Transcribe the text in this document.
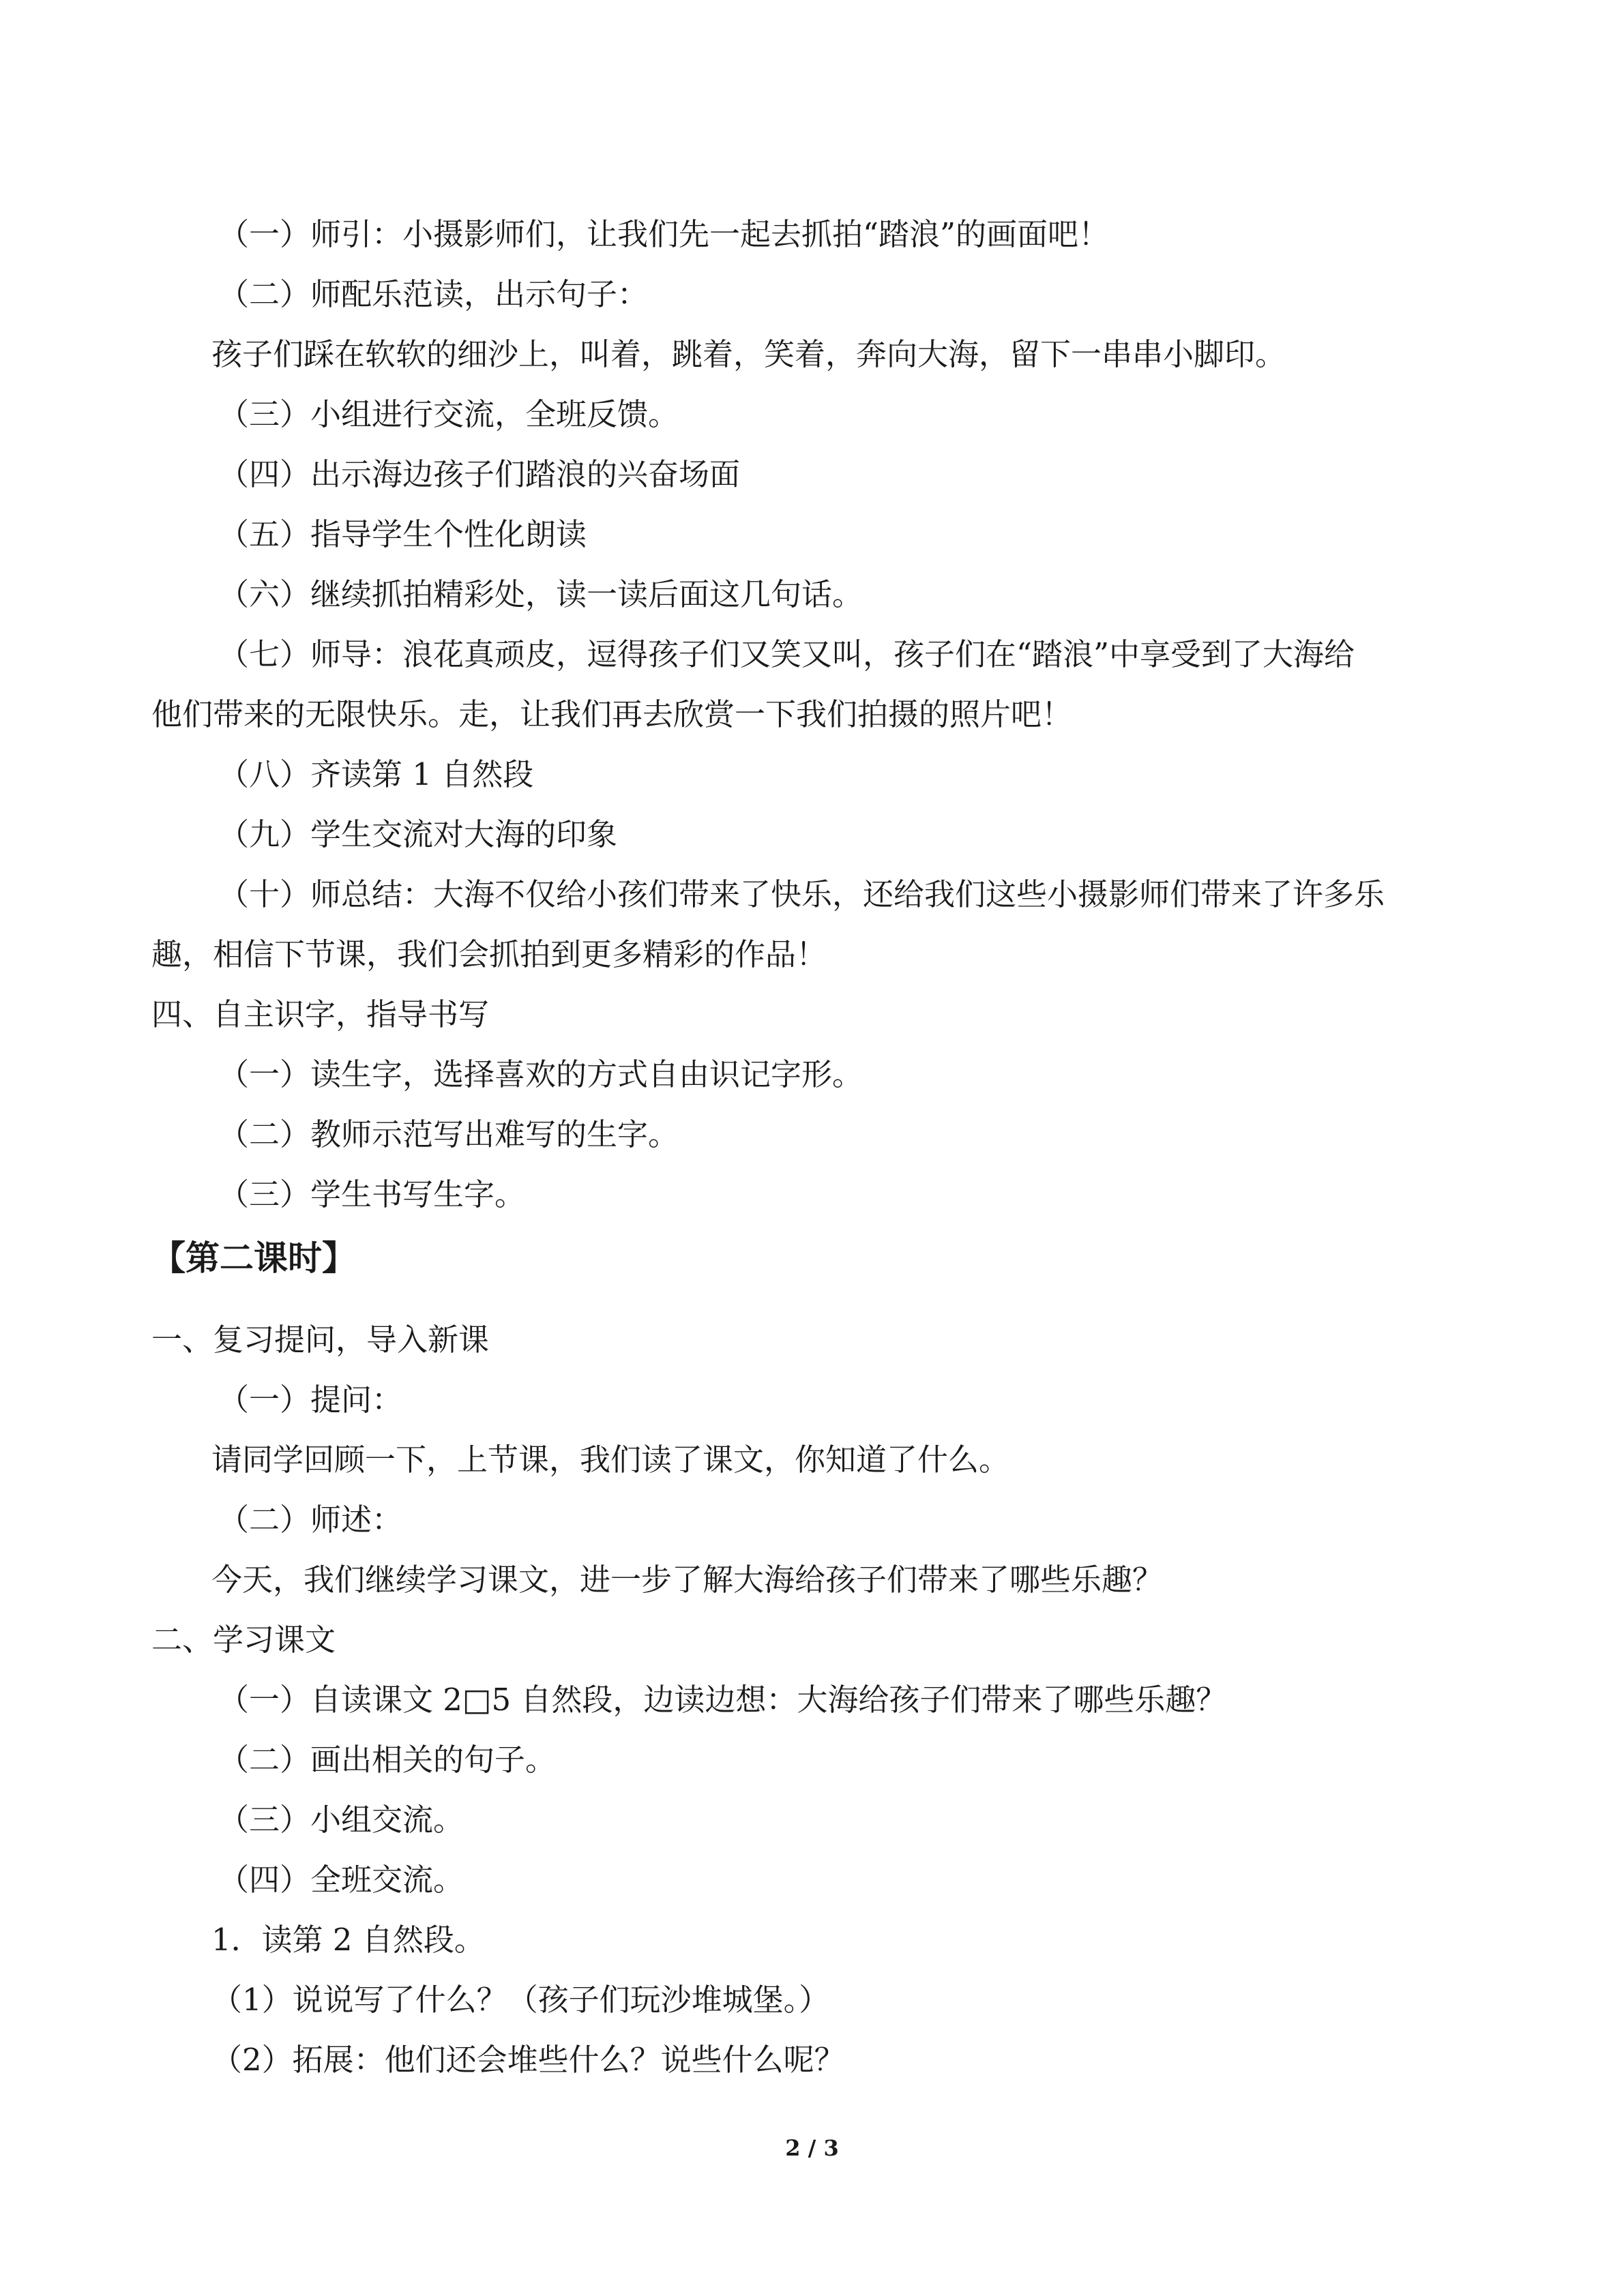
（一）师引：小摄影师们，让我们先一起去抓拍“踏浪”的画面吧！

（二）师配乐范读，出示句子：

孩子们踩在软软的细沙上，叫着，跳着，笑着，奔向大海，留下一串串小脚印。

（三）小组进行交流，全班反馈。

（四）出示海边孩子们踏浪的兴奋场面

（五）指导学生个性化朗读

（六）继续抓拍精彩处，读一读后面这几句话。

（七）师导：浪花真顽皮，逗得孩子们又笑又叫，孩子们在“踏浪”中享受到了大海给

他们带来的无限快乐。走，让我们再去欣赏一下我们拍摄的照片吧！

（八）齐读第 1 自然段

（九）学生交流对大海的印象

（十）师总结：大海不仅给小孩们带来了快乐，还给我们这些小摄影师们带来了许多乐

趣，相信下节课，我们会抓拍到更多精彩的作品！

四、自主识字，指导书写

（一）读生字，选择喜欢的方式自由识记字形。

（二）教师示范写出难写的生字。

（三）学生书写生字。

【第二课时】

一、复习提问，导入新课

（一）提问：

请同学回顾一下，上节课，我们读了课文，你知道了什么。

（二）师述：

今天，我们继续学习课文，进一步了解大海给孩子们带来了哪些乐趣？

二、学习课文

（一）自读课文 2□5 自然段，边读边想：大海给孩子们带来了哪些乐趣？

（二）画出相关的句子。

（三）小组交流。

（四）全班交流。

1．读第 2 自然段。

（1）说说写了什么？（孩子们玩沙堆城堡。）

（2）拓展：他们还会堆些什么？说些什么呢？

2 / 3
